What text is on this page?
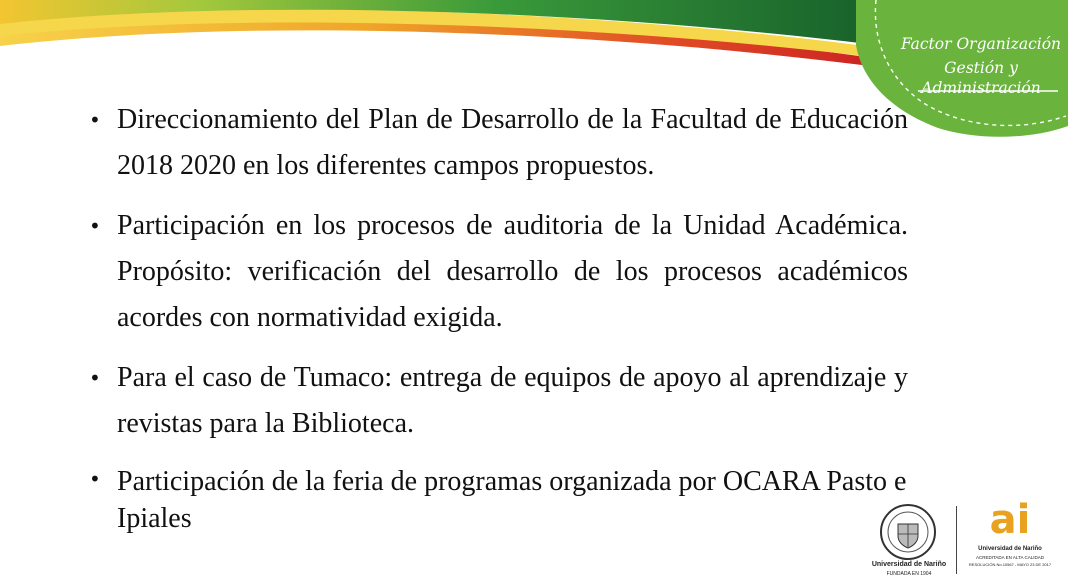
Factor Organización
Gestión y Administración
• Direccionamiento del Plan de Desarrollo de la Facultad de Educación 2018 2020 en los diferentes campos propuestos.
• Participación en los procesos de auditoria de la Unidad Académica. Propósito: verificación del desarrollo de los procesos académicos acordes con normatividad exigida.
• Para el caso de Tumaco: entrega de equipos de apoyo al aprendizaje y revistas para la Biblioteca.
• Participación de la feria de programas organizada por OCARA Pasto e Ipiales
Universidad de Nariño
FUNDADA EN 1904
ai
Universidad de Nariño
ACREDITADA EN ALTA CALIDAD
RESOLUCIÓN No.10567 - MAYO 23 DE 2017
